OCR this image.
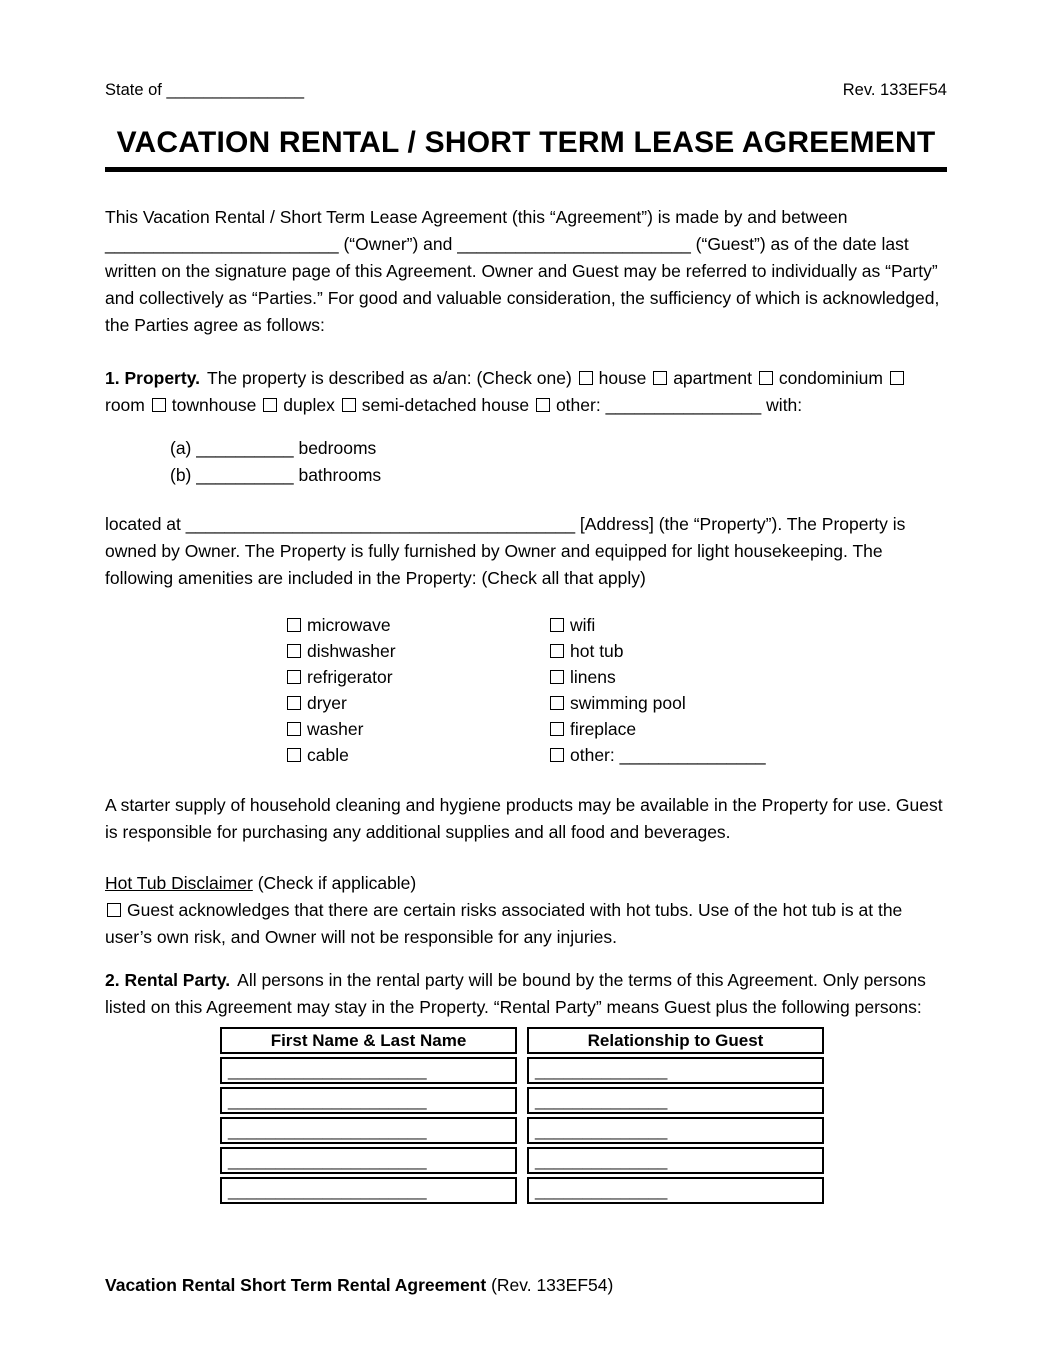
State of _______________	Rev. 133EF54
VACATION RENTAL / SHORT TERM LEASE AGREEMENT

This Vacation Rental / Short Term Lease Agreement (this “Agreement”) is made by and between ________________________ (“Owner”) and ________________________ (“Guest”) as of the date last written on the signature page of this Agreement. Owner and Guest may be referred to individually as “Party” and collectively as “Parties.” For good and valuable consideration, the sufficiency of which is acknowledged, the Parties agree as follows:

1. Property. The property is described as a/an: (Check one) house apartment condominium room townhouse duplex semi-detached house other: ________________ with:

(a) __________ bedrooms
(b) __________ bathrooms

located at ________________________________________ [Address] (the “Property”). The Property is owned by Owner. The Property is fully furnished by Owner and equipped for light housekeeping. The following amenities are included in the Property: (Check all that apply)

microwave
dishwasher
refrigerator
dryer
washer
cable
wifi
hot tub
linens
swimming pool
fireplace
other: _______________

A starter supply of household cleaning and hygiene products may be available in the Property for use. Guest is responsible for purchasing any additional supplies and all food and beverages.

Hot Tub Disclaimer (Check if applicable)

Guest acknowledges that there are certain risks associated with hot tubs. Use of the hot tub is at the user’s own risk, and Owner will not be responsible for any injuries.

2. Rental Party. All persons in the rental party will be bound by the terms of this Agreement. Only persons listed on this Agreement may stay in the Property. “Rental Party” means Guest plus the following persons:

First Name & Last Name
_____________________
_____________________
_____________________
_____________________
_____________________
Relationship to Guest
______________
______________
______________
______________
______________
Vacation Rental Short Term Rental Agreement (Rev. 133EF54)
